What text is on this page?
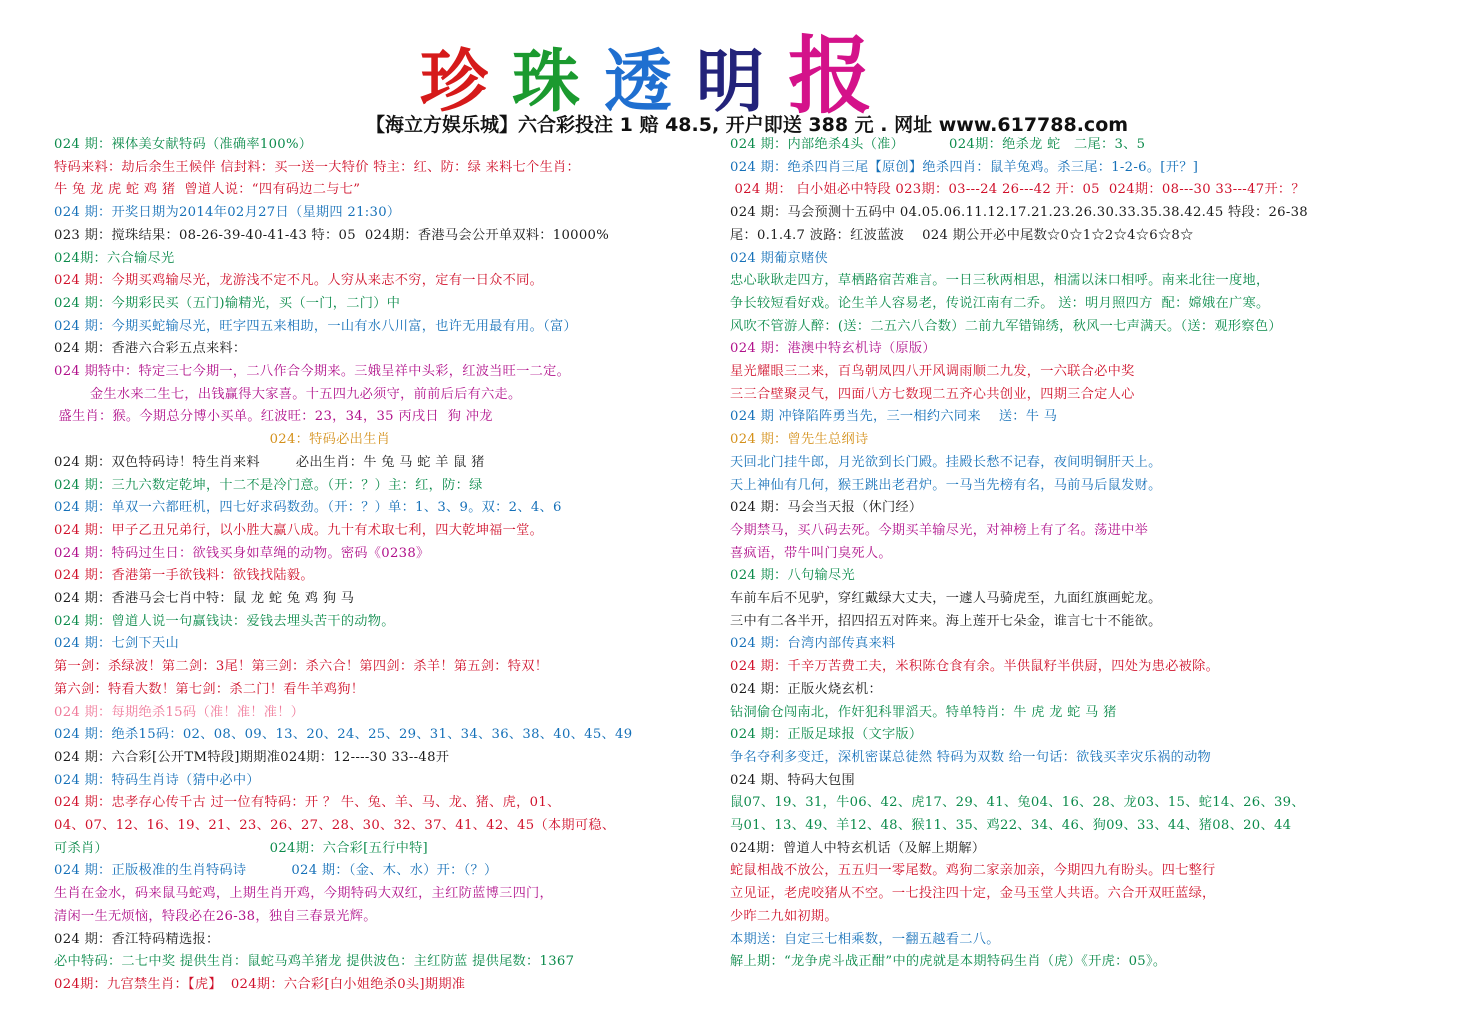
珍 珠 透 明 报
【海立方娱乐城】六合彩投注 1 赔 48.5, 开户即送 388 元 . 网址 www.617788.com
024 期：裸体美女献特码（准确率100%）
特码来料：劫后余生王候伴 信封料：买一送一大特价 特主：红、防：绿 来料七个生肖：
牛 兔 龙 虎 蛇 鸡 猪  曾道人说：“四有码边二与七”
024 期：开奖日期为2014年02月27日（星期四 21:30）
023 期：搅珠结果：08-26-39-40-41-43 特：05  024期：香港马会公开单双料：10000%
024期：六合输尽光
024 期：今期买鸡输尽光，龙游浅不定不凡。人穷从来志不穷，定有一日众不同。
024 期：今期彩民买（五门)输精光，买（一门，二门）中
024 期：今期买蛇输尽光，旺字四五来相助，一山有水八川富，也许无用最有用。（富）
024 期：香港六合彩五点来料：
024 期特中：特定三七今期一，二八作合今期来。三娥呈祥中头彩，红波当旺一二定。
金生水来二生七，出钱赢得大家喜。十五四九必须守，前前后后有六走。
盛生肖：猴。今期总分博小买单。红波旺：23，34，35 丙戌日  狗 冲龙
024：特码必出生肖
024 期：双色特码诗！特生肖来料        必出生肖：牛 兔 马 蛇 羊 鼠 猪
024 期：三九六数定乾坤，十二不是冷门意。（开：？）主：红，防：绿
024 期：单双一六都旺机，四七好求码数劲。（开：？）单：1、3、9。双：2、4、6
024 期：甲子乙丑兄弟行，以小胜大赢八成。九十有术取七利，四大乾坤福一堂。
024 期：特码过生日：欲钱买身如草绳的动物。密码《0238》
024 期：香港第一手欲钱料：欲钱找陆毅。
024 期：香港马会七肖中特：鼠 龙 蛇 兔 鸡 狗 马
024 期：曾道人说一句赢钱诀：爱钱去埋头苦干的动物。
024 期：七剑下天山
第一剑：杀绿波！第二剑：3尾！第三剑：杀六合！第四剑：杀羊！第五剑：特双！
第六剑：特看大数！第七剑：杀二门！看牛羊鸡狗！
024 期：每期绝杀15码（准！准！准！）
024 期：绝杀15码：02、08、09、13、20、24、25、29、31、34、36、38、40、45、49
024 期：六合彩[公开TM特段]期期准024期：12----30 33--48开
024 期：特码生肖诗（猜中必中）
024 期：忠孝存心传千古 过一位有特码：开 ？ 牛、兔、羊、马、龙、猪、虎，01、
04、07、12、16、19、21、23、26、27、28、30、32、37、41、42、45（本期可稳、
可杀肖）                                    024期：六合彩[五行中特]
024 期：正版极准的生肖特码诗          024 期：（金、木、水）开：（？）
生肖在金水，码来鼠马蛇鸡，上期生肖开鸡，今期特码大双红，主红防蓝博三四门，
清闲一生无烦恼，特段必在26-38，独自三春景光辉。
024 期：香江特码精选报：
必中特码：二七中奖 提供生肖：鼠蛇马鸡羊猪龙 提供波色：主红防蓝 提供尾数：1367
024期：九宫禁生肖：【虎】  024期：六合彩[白小姐绝杀0头]期期准
024 期：内部绝杀4头（准）          024期：绝杀龙 蛇   二尾：3、5
024 期：绝杀四肖三尾【原创】绝杀四肖：鼠羊兔鸡。杀三尾：1-2-6。[开？]
024 期： 白小姐必中特段 023期：03---24 26---42 开：05  024期：08---30 33---47开：？
024 期：马会预测十五码中 04.05.06.11.12.17.21.23.26.30.33.35.38.42.45 特段：26-38
尾：0.1.4.7 波路：红波蓝波    024 期公开必中尾数☆0☆1☆2☆4☆6☆8☆
024 期葡京赌侠
忠心耿耿走四方，草栖路宿苦难言。一日三秋两相思，相濡以沫口相呼。南来北往一度地，
争长较短看好戏。论生羊人容易老，传说江南有二乔。 送：明月照四方  配：嫦娥在广寒。
风吹不管游人醉：(送：二五六八合数）二前九军错锦绣，秋风一七声满天。（送：观形察色）
024 期：港澳中特玄机诗（原版）
星光耀眼三二来，百鸟朝凤四八开风调雨顺二九发，一六联合必中奖
三三合壁聚灵气，四面八方七数现二五齐心共创业，四期三合定人心
024 期 冲锋陷阵勇当先，三一相约六同来    送：牛 马
024 期：曾先生总纲诗
天回北门挂牛郎，月光欲到长门殿。挂殿长愁不记春，夜间明铜肝天上。
天上神仙有几何，猴王跳出老君炉。一马当先榜有名，马前马后鼠发财。
024 期：马会当天报（休门经）
今期禁马，买八码去死。今期买羊输尽光，对神榜上有了名。荡进中举
喜疯语，带牛叫门臭死人。
024 期：八句输尽光
车前车后不见驴，穿红戴绿大丈夫，一遽人马骑虎至，九面红旗画蛇龙。
三中有二各半开，招四招五对阵来。海上莲开七朵金，谁言七十不能欲。
024 期：台湾内部传真来料
024 期：千辛万苦费工夫，米积陈仓食有余。半供鼠籽半供厨，四处为患必被除。
024 期：正版火烧玄机：
钻洞偷仓闯南北，作奸犯科罪滔天。特单特肖：牛 虎 龙 蛇 马 猪
024 期：正版足球报（文字版）
争名夺利多变迁，深机密谋总徒然 特码为双数 给一句话：欲钱买幸灾乐祸的动物
024 期、特码大包围
鼠07、19、31，牛06、42、虎17、29、41、兔04、16、28、龙03、15、蛇14、26、39、
马01、13、49、羊12、48、猴11、35、鸡22、34、46、狗09、33、44、猪08、20、44
024期：曾道人中特玄机话（及解上期解）
蛇鼠相战不放公，五五归一零尾数。鸡狗二家亲加亲，今期四九有盼头。四七整行
立见证，老虎咬猪从不空。一七投注四十定，金马玉堂人共语。六合开双旺蓝绿，
少昨二九如初期。
本期送：自定三七相乘数，一翻五越看二八。
解上期：“龙争虎斗战正酣”中的虎就是本期特码生肖（虎）《开虎：05》。
